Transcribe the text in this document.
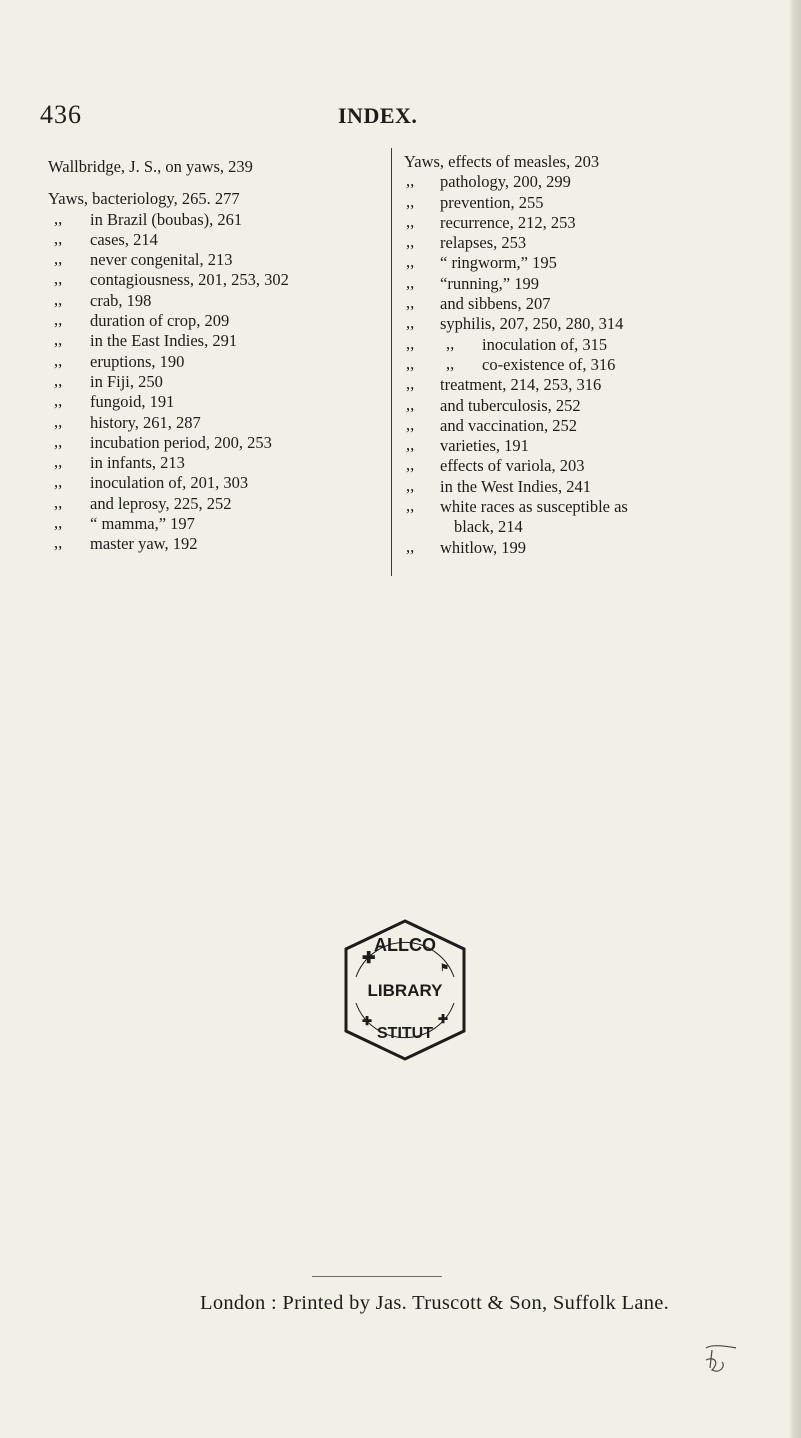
436	INDEX.
Wallbridge, J. S., on yaws, 239
Yaws, bacteriology, 265. 277
,, in Brazil (boubas), 261
,, cases, 214
,, never congenital, 213
,, contagiousness, 201, 253, 302
,, crab, 198
,, duration of crop, 209
,, in the East Indies, 291
,, eruptions, 190
,, in Fiji, 250
,, fungoid, 191
,, history, 261, 287
,, incubation period, 200, 253
,, in infants, 213
,, inoculation of, 201, 303
,, and leprosy, 225, 252
,, “ mamma,” 197
,, master yaw, 192
Yaws, effects of measles, 203
,, pathology, 200, 299
,, prevention, 255
,, recurrence, 212, 253
,, relapses, 253
,, “ ringworm,” 195
,, “running,” 199
,, and sibbens, 207
,, syphilis, 207, 250, 280, 314
,, ,, inoculation of, 315
,, ,, co-existence of, 316
,, treatment, 214, 253, 316
,, and tuberculosis, 252
,, and vaccination, 252
,, varieties, 191
,, effects of variola, 203
,, in the West Indies, 241
,, white races as susceptible as
black, 214
,, whitlow, 199
✚
⚑
✚	✚
ALLCO
LIBRARY
STITUT
London : Printed by Jas. Truscott & Son, Suffolk Lane.
